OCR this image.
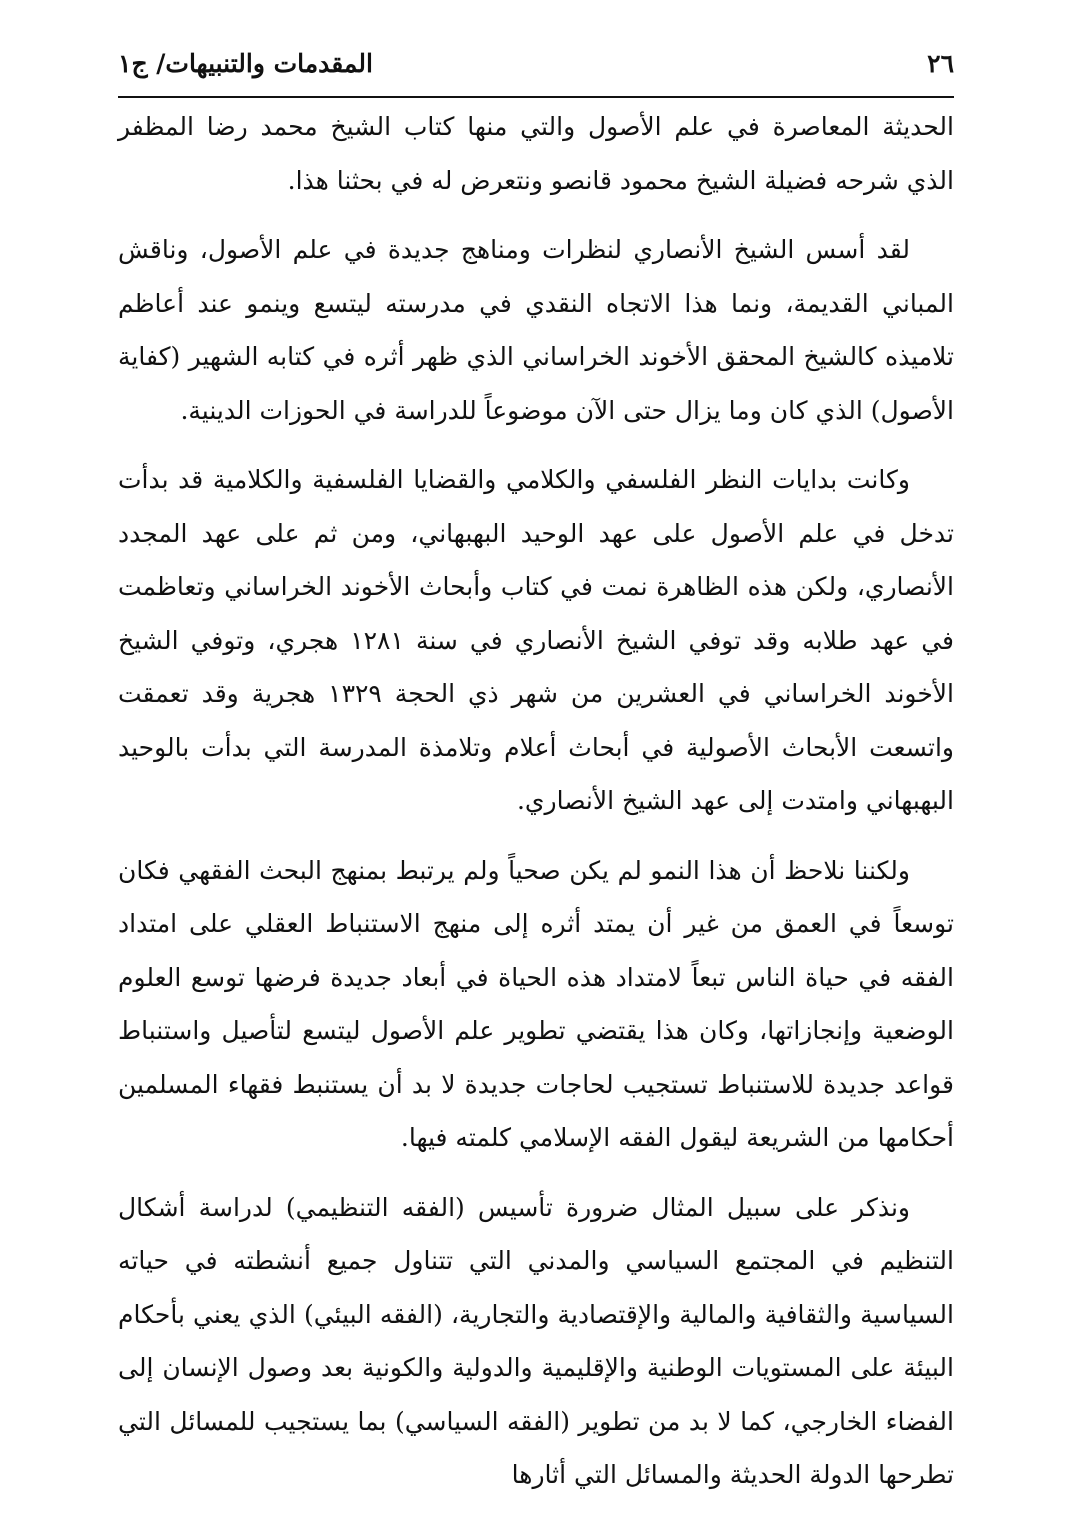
٢٦
المقدمات والتنبيهات/ ج١

الحديثة المعاصرة في علم الأصول والتي منها كتاب الشيخ محمد رضا المظفر الذي شرحه فضيلة الشيخ محمود قانصو ونتعرض له في بحثنا هذا.

لقد أسس الشيخ الأنصاري لنظرات ومناهج جديدة في علم الأصول، وناقش المباني القديمة، ونما هذا الاتجاه النقدي في مدرسته ليتسع وينمو عند أعاظم تلاميذه كالشيخ المحقق الأخوند الخراساني الذي ظهر أثره في كتابه الشهير (كفاية الأصول) الذي كان وما يزال حتى الآن موضوعاً للدراسة في الحوزات الدينية.

وكانت بدايات النظر الفلسفي والكلامي والقضايا الفلسفية والكلامية قد بدأت تدخل في علم الأصول على عهد الوحيد البهبهاني، ومن ثم على عهد المجدد الأنصاري، ولكن هذه الظاهرة نمت في كتاب وأبحاث الأخوند الخراساني وتعاظمت في عهد طلابه وقد توفي الشيخ الأنصاري في سنة ١٢٨١ هجري، وتوفي الشيخ الأخوند الخراساني في العشرين من شهر ذي الحجة ١٣٢٩ هجرية وقد تعمقت واتسعت الأبحاث الأصولية في أبحاث أعلام وتلامذة المدرسة التي بدأت بالوحيد البهبهاني وامتدت إلى عهد الشيخ الأنصاري.

ولكننا نلاحظ أن هذا النمو لم يكن صحياً ولم يرتبط بمنهج البحث الفقهي فكان توسعاً في العمق من غير أن يمتد أثره إلى منهج الاستنباط العقلي على امتداد الفقه في حياة الناس تبعاً لامتداد هذه الحياة في أبعاد جديدة فرضها توسع العلوم الوضعية وإنجازاتها، وكان هذا يقتضي تطوير علم الأصول ليتسع لتأصيل واستنباط قواعد جديدة للاستنباط تستجيب لحاجات جديدة لا بد أن يستنبط فقهاء المسلمين أحكامها من الشريعة ليقول الفقه الإسلامي كلمته فيها.

ونذكر على سبيل المثال ضرورة تأسيس (الفقه التنظيمي) لدراسة أشكال التنظيم في المجتمع السياسي والمدني التي تتناول جميع أنشطته في حياته السياسية والثقافية والمالية والإقتصادية والتجارية، (الفقه البيئي) الذي يعني بأحكام البيئة على المستويات الوطنية والإقليمية والدولية والكونية بعد وصول الإنسان إلى الفضاء الخارجي، كما لا بد من تطوير (الفقه السياسي) بما يستجيب للمسائل التي تطرحها الدولة الحديثة والمسائل التي أثارها
